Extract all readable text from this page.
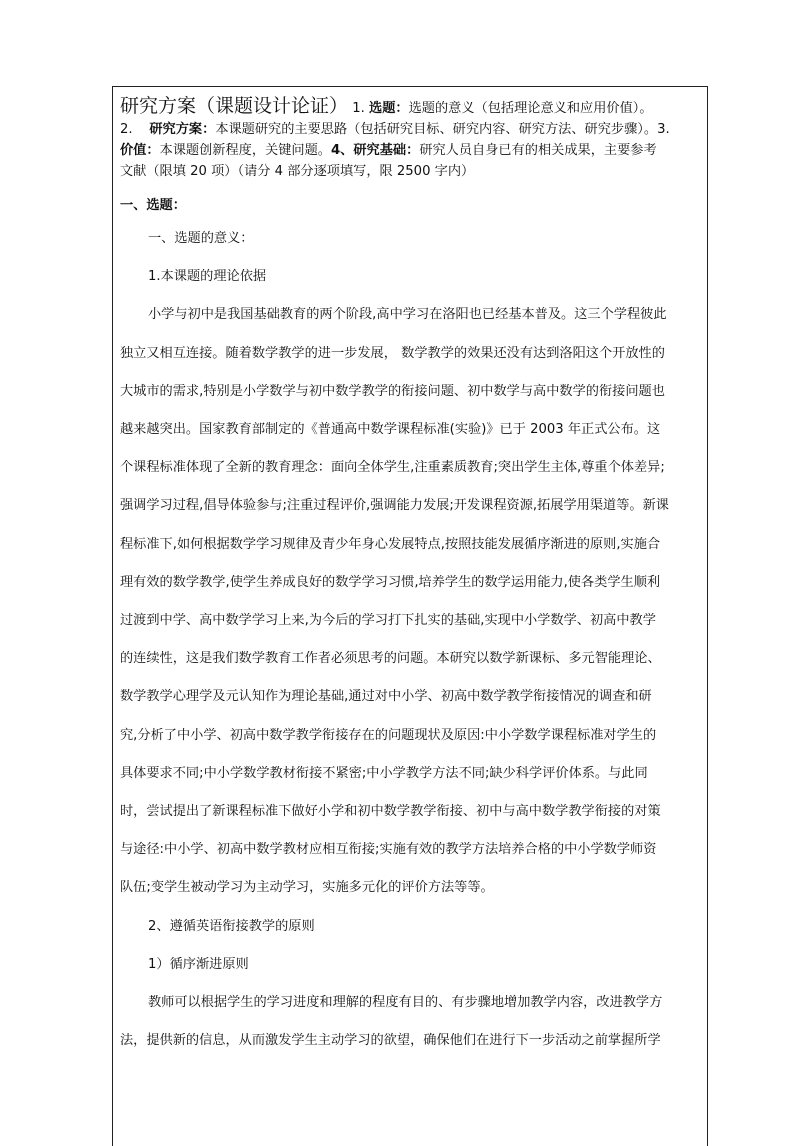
研究方案（课题设计论证） 1. 选题：选题的意义（包括理论意义和应用价值）。
2. 研究方案：本课题研究的主要思路（包括研究目标、研究内容、研究方法、研究步骤）。3.
价值：本课题创新程度，关键问题。4、研究基础：研究人员自身已有的相关成果，主要参考
文献（限填 20 项）（请分 4 部分逐项填写，限 2500 字内）
一、选题：

一、选题的意义：

1.本课题的理论依据

小学与初中是我国基础教育的两个阶段,高中学习在洛阳也已经基本普及。这三个学程彼此
独立又相互连接。随着数学教学的进一步发展， 数学教学的效果还没有达到洛阳这个开放性的
大城市的需求,特别是小学数学与初中数学教学的衔接问题、初中数学与高中数学的衔接问题也
越来越突出。国家教育部制定的《普通高中数学课程标准(实验)》已于 2003 年正式公布。这
个课程标准体现了全新的教育理念：面向全体学生,注重素质教育;突出学生主体,尊重个体差异;
强调学习过程,倡导体验参与;注重过程评价,强调能力发展;开发课程资源,拓展学用渠道等。新课
程标准下,如何根据数学学习规律及青少年身心发展特点,按照技能发展循序渐进的原则,实施合
理有效的数学教学,使学生养成良好的数学学习习惯,培养学生的数学运用能力,使各类学生顺利
过渡到中学、高中数学学习上来,为今后的学习打下扎实的基础,实现中小学数学、初高中教学
的连续性，这是我们数学教育工作者必须思考的问题。本研究以数学新课标、多元智能理论、
数学教学心理学及元认知作为理论基础,通过对中小学、初高中数学教学衔接情况的调查和研
究,分析了中小学、初高中数学教学衔接存在的问题现状及原因:中小学数学课程标准对学生的
具体要求不同;中小学数学教材衔接不紧密;中小学教学方法不同;缺少科学评价体系。与此同
时，尝试提出了新课程标准下做好小学和初中数学教学衔接、初中与高中数学教学衔接的对策
与途径:中小学、初高中数学教材应相互衔接;实施有效的教学方法培养合格的中小学数学师资
队伍;变学生被动学习为主动学习，实施多元化的评价方法等等。

2、遵循英语衔接教学的原则

1）循序渐进原则

教师可以根据学生的学习进度和理解的程度有目的、有步骤地增加教学内容，改进教学方
法，提供新的信息，从而激发学生主动学习的欲望，确保他们在进行下一步活动之前掌握所学
